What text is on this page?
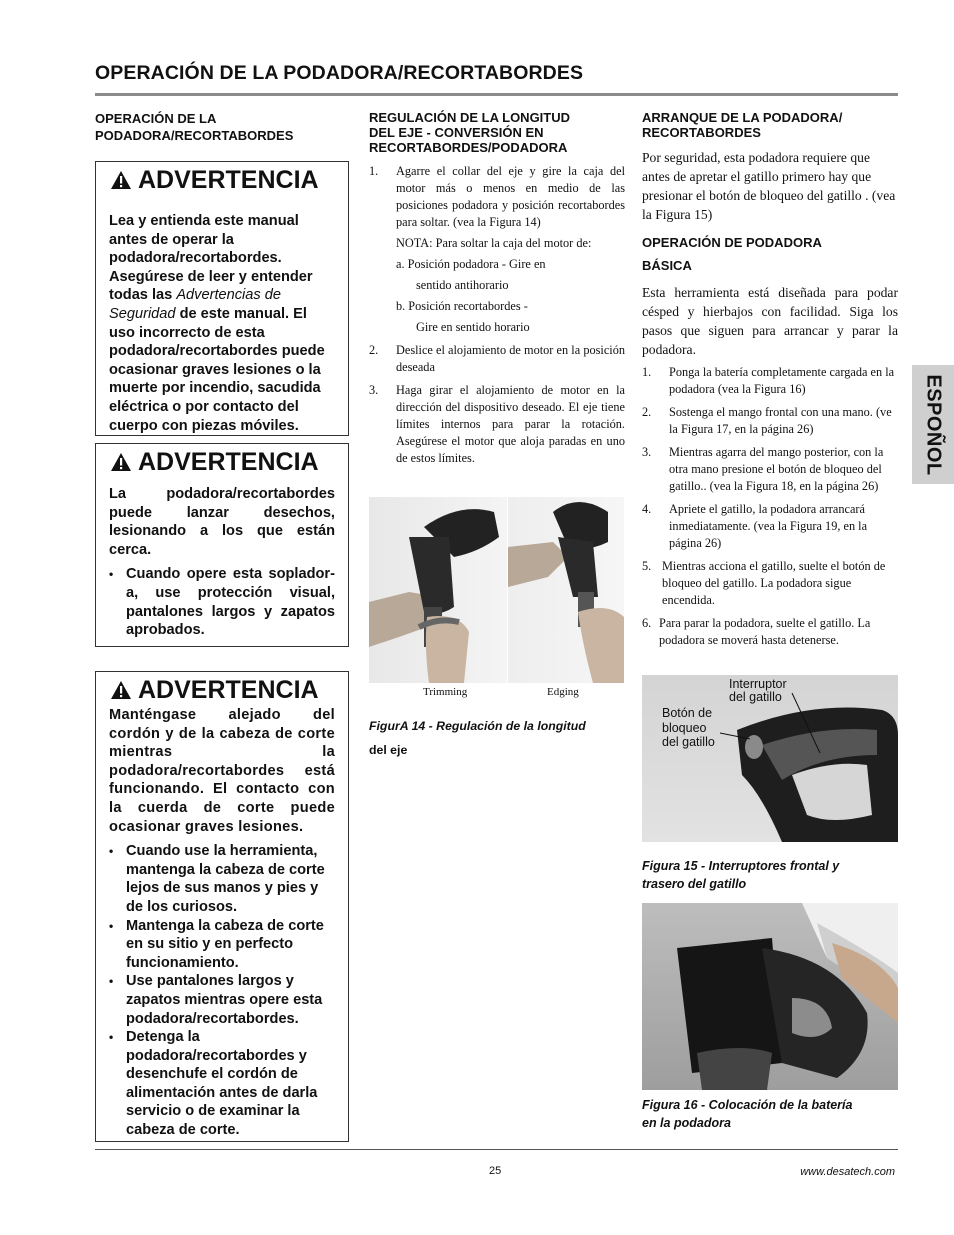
OPERACIÓN DE LA PODADORA/RECORTABORDES
ESPOÑOL
OPERACIÓN DE LA
PODADORA/RECORTABORDES
ADVERTENCIA
Lea y entienda este manual antes de operar la podadora/recortabordes. Asegúrese de leer y entender todas las Advertencias de Seguridad de este manual. El uso incorrecto de esta podadora/recortabordes puede ocasionar graves lesiones o la muerte por incendio, sacudida eléctrica o por contacto del cuerpo con piezas móviles.
ADVERTENCIA

La podadora/recortabordes puede lanzar desechos, lesionando a los que están cerca.

• Cuando opere esta sopladora, use protección visual, pantalones largos y zapatos aprobados.
ADVERTENCIA

Manténgase alejado del cordón y de la cabeza de corte mientras la podadora/recortabordes está funcionando. El contacto con la cuerda de corte puede ocasionar graves lesiones.

• Cuando use la herramienta, mantenga la cabeza de corte lejos de sus manos y pies y de los curiosos.
• Mantenga la cabeza de corte en su sitio y en perfecto funcionamiento.
• Use pantalones largos y zapatos mientras opere esta podadora/recortabordes.
• Detenga la podadora/recortabordes y desenchufe el cordón de alimentación antes de darla servicio o de examinar la cabeza de corte.
REGULACIÓN DE LA LONGITUD
DEL EJE - CONVERSIÓN EN
RECORTABORDES/PODADORA
1.	Agarre el collar del eje y gire la caja del motor más o menos en medio de las posiciones podadora y posición recortabordes para soltar. (vea la Figura 14)
NOTA: Para soltar la caja del motor de:
a. Posición podadora - Gire en
sentido antihorario
b. Posición recortabordes -
Gire en sentido horario
2.	Deslice el alojamiento de motor en la posición deseada
3.	Haga girar el alojamiento de motor en la dirección del dispositivo deseado. El eje tiene límites internos para parar la rotación. Asegúrese el motor que aloja paradas en uno de estos límites.
Trimming	Edging
FigurA 14 - Regulación de la longitud
del eje
ARRANQUE DE LA PODADORA/
RECORTABORDES

Por seguridad, esta podadora requiere que antes de apretar el gatillo primero hay que presionar el botón de bloqueo del gatillo . (vea la Figura 15)

OPERACIÓN DE PODADORA
BÁSICA

Esta herramienta está diseñada para podar césped y hierbajos con facilidad. Siga los pasos que siguen para arrancar y parar la podadora.

1.	Ponga la batería completamente cargada en la podadora (vea la Figura 16)
2.	Sostenga el mango frontal con una mano. (ve la Figura 17, en la página 26)
3.	Mientras agarra del mango posterior, con la otra mano presione el botón de bloqueo del gatillo.. (vea la Figura 18, en la página 26)
4.	Apriete el gatillo, la podadora arrancará inmediatamente. (vea la Figura 19, en la página 26)
5. Mientras acciona el gatillo, suelte el botón de bloqueo del gatillo. La podadora sigue encendida.
6. Para parar la podadora, suelte el gatillo. La podadora se moverá hasta detenerse.
Interruptor
del gatillo
Botón de
bloqueo
del gatillo
Figura 15 - Interruptores frontal y
trasero del gatillo
Figura 16 - Colocación de la batería
en la podadora
25	www.desatech.com
